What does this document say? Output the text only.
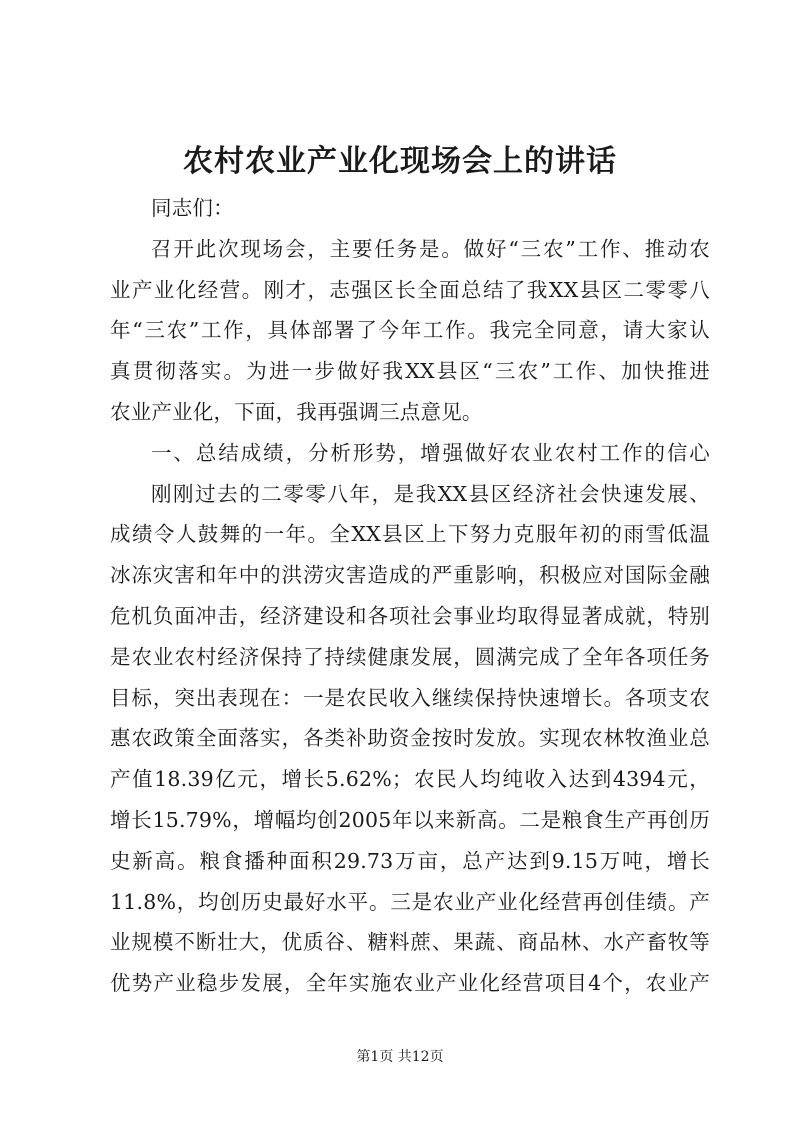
农村农业产业化现场会上的讲话
同志们：
召开此次现场会，主要任务是。做好“三农”工作、推动农
业产业化经营。刚才，志强区长全面总结了我XX县区二零零八
年“三农”工作，具体部署了今年工作。我完全同意，请大家认
真贯彻落实。为进一步做好我XX县区“三农”工作、加快推进
农业产业化，下面，我再强调三点意见。
一、总结成绩，分析形势，增强做好农业农村工作的信心
刚刚过去的二零零八年，是我XX县区经济社会快速发展、
成绩令人鼓舞的一年。全XX县区上下努力克服年初的雨雪低温
冰冻灾害和年中的洪涝灾害造成的严重影响，积极应对国际金融
危机负面冲击，经济建设和各项社会事业均取得显著成就，特别
是农业农村经济保持了持续健康发展，圆满完成了全年各项任务
目标，突出表现在：一是农民收入继续保持快速增长。各项支农
惠农政策全面落实，各类补助资金按时发放。实现农林牧渔业总
产值18.39亿元，增长5.62%；农民人均纯收入达到4394元，
增长15.79%，增幅均创2005年以来新高。二是粮食生产再创历
史新高。粮食播种面积29.73万亩，总产达到9.15万吨，增长
11.8%，均创历史最好水平。三是农业产业化经营再创佳绩。产
业规模不断壮大，优质谷、糖料蔗、果蔬、商品林、水产畜牧等
优势产业稳步发展，全年实施农业产业化经营项目4个，农业产
第1页 共12页
